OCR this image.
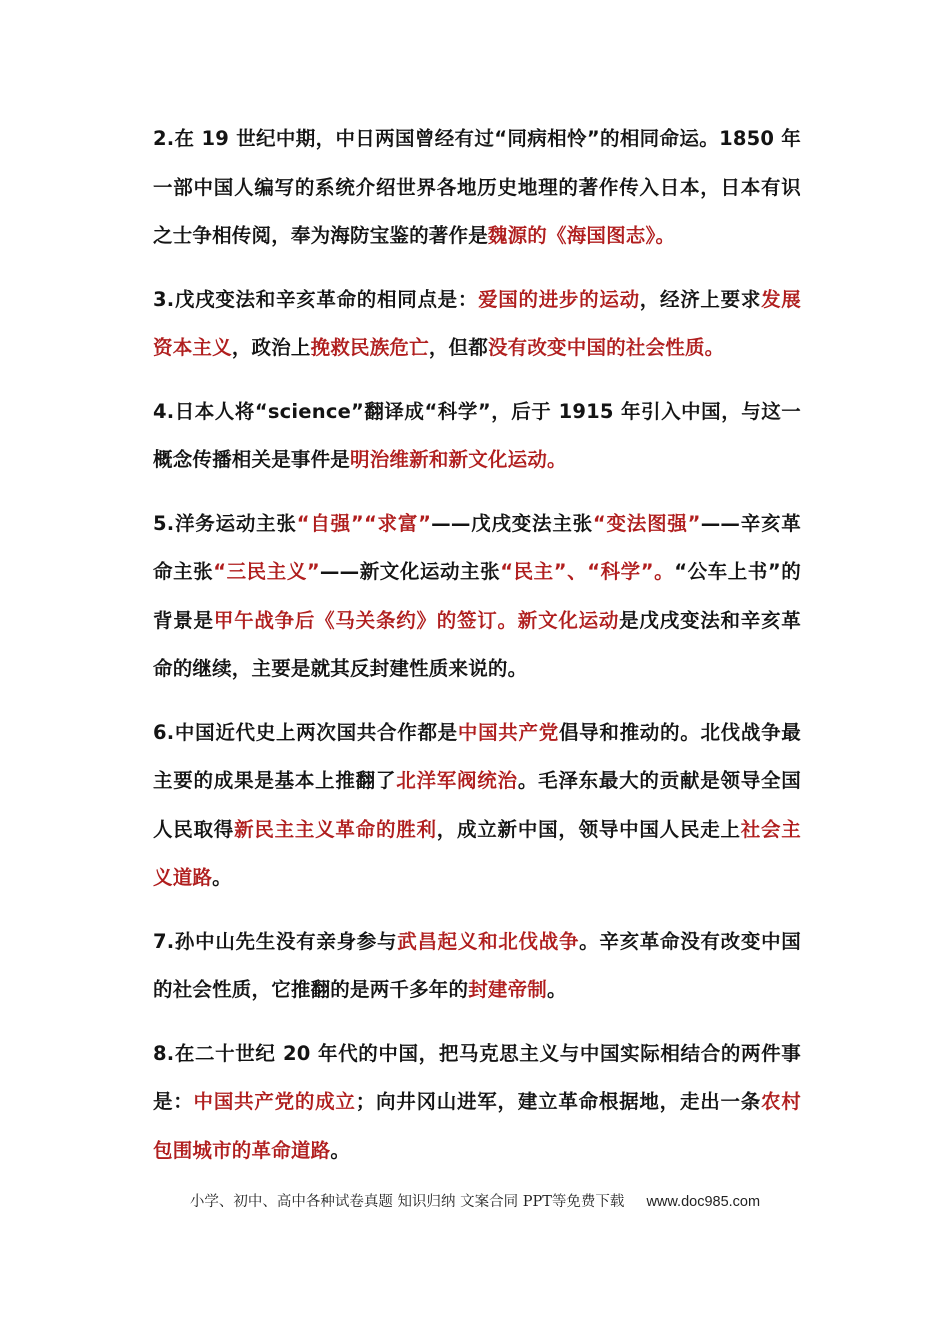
2.在 19 世纪中期，中日两国曾经有过“同病相怜”的相同命运。1850 年一部中国人编写的系统介绍世界各地历史地理的著作传入日本，日本有识之士争相传阅，奉为海防宝鉴的著作是魏源的《海国图志》。

3.戊戌变法和辛亥革命的相同点是：爱国的进步的运动，经济上要求发展资本主义，政治上挽救民族危亡，但都没有改变中国的社会性质。

4.日本人将“science”翻译成“科学”，后于 1915 年引入中国，与这一概念传播相关是事件是明治维新和新文化运动。

5.洋务运动主张“自强”“求富”——戊戌变法主张“变法图强”——辛亥革命主张“三民主义”——新文化运动主张“民主”、“科学”。“公车上书”的背景是甲午战争后《马关条约》的签订。新文化运动是戊戌变法和辛亥革命的继续，主要是就其反封建性质来说的。

6.中国近代史上两次国共合作都是中国共产党倡导和推动的。北伐战争最主要的成果是基本上推翻了北洋军阀统治。毛泽东最大的贡献是领导全国人民取得新民主主义革命的胜利，成立新中国，领导中国人民走上社会主义道路。

7.孙中山先生没有亲身参与武昌起义和北伐战争。辛亥革命没有改变中国的社会性质，它推翻的是两千多年的封建帝制。

8.在二十世纪 20 年代的中国，把马克思主义与中国实际相结合的两件事是：中国共产党的成立；向井冈山进军，建立革命根据地，走出一条农村包围城市的革命道路。

小学、初中、高中各种试卷真题 知识归纳 文案合同 PPT等免费下载 www.doc985.com
